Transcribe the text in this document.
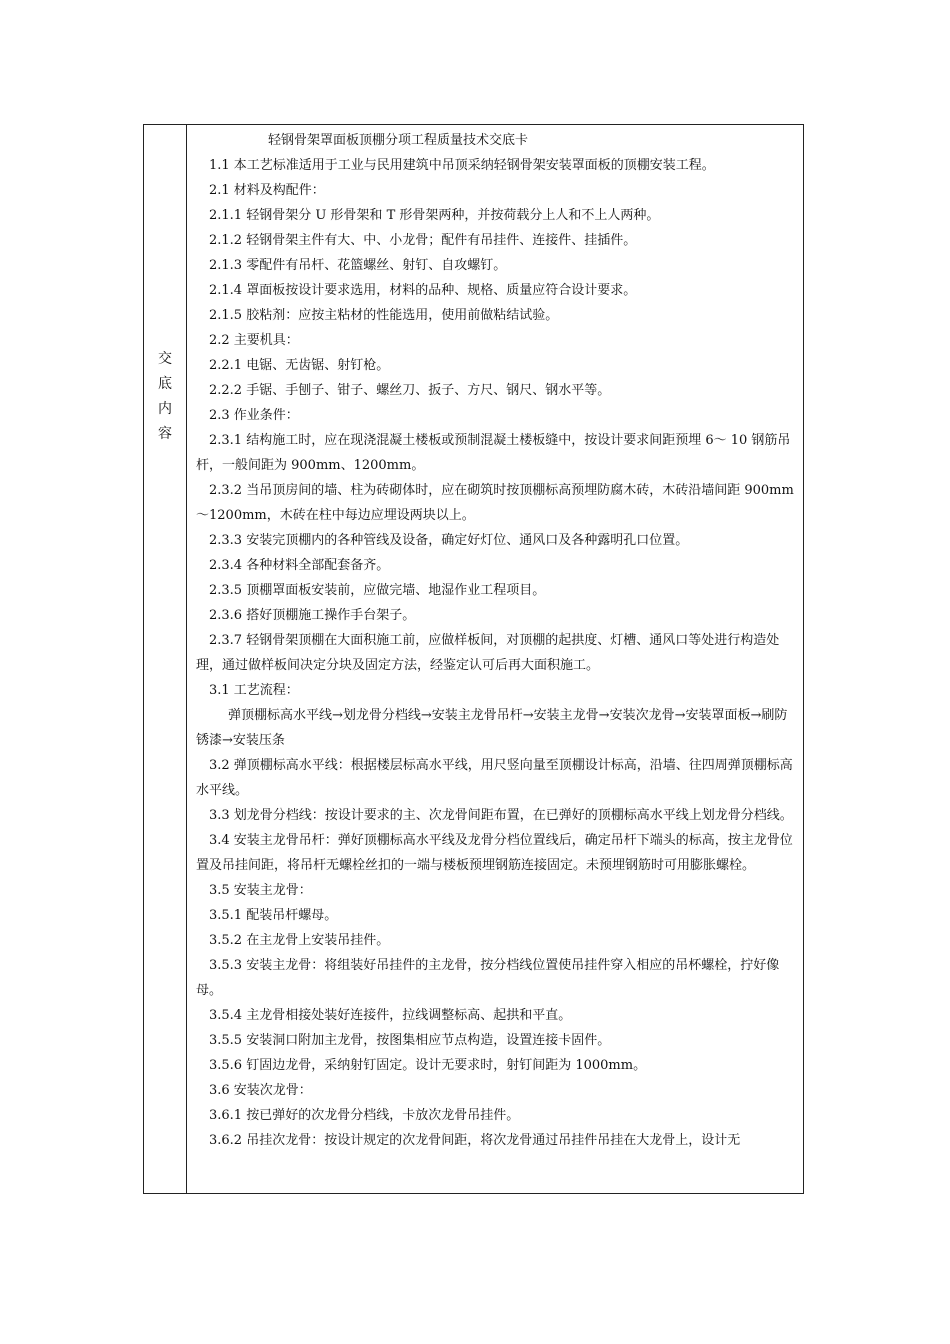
交
底
内
容
轻钢骨架罩面板顶棚分项工程质量技术交底卡

1.1 本工艺标准适用于工业与民用建筑中吊顶采纳轻钢骨架安装罩面板的顶棚安装工程。

2.1 材料及构配件：

2.1.1 轻钢骨架分 U 形骨架和 T 形骨架两种，并按荷载分上人和不上人两种。

2.1.2 轻钢骨架主件有大、中、小龙骨；配件有吊挂件、连接件、挂插件。

2.1.3 零配件有吊杆、花篮螺丝、射钉、自攻螺钉。

2.1.4 罩面板按设计要求选用，材料的品种、规格、质量应符合设计要求。

2.1.5 胶粘剂：应按主粘材的性能选用，使用前做粘结试验。

2.2 主要机具：

2.2.1 电锯、无齿锯、射钉枪。

2.2.2 手锯、手刨子、钳子、螺丝刀、扳子、方尺、钢尺、钢水平等。

2.3 作业条件：

2.3.1 结构施工时，应在现浇混凝土楼板或预制混凝土楼板缝中，按设计要求间距预埋 6～ 10 钢筋吊杆，一般间距为 900mm、1200mm。

2.3.2 当吊顶房间的墙、柱为砖砌体时，应在砌筑时按顶棚标高预埋防腐木砖，木砖沿墙间距 900mm～1200mm，木砖在柱中每边应埋设两块以上。

2.3.3 安装完顶棚内的各种管线及设备，确定好灯位、通风口及各种露明孔口位置。

2.3.4 各种材料全部配套备齐。

2.3.5 顶棚罩面板安装前，应做完墙、地湿作业工程项目。

2.3.6 搭好顶棚施工操作手台架子。

2.3.7 轻钢骨架顶棚在大面积施工前，应做样板间，对顶棚的起拱度、灯槽、通风口等处进行构造处理，通过做样板间决定分块及固定方法，经鉴定认可后再大面积施工。

3.1 工艺流程：

弹顶棚标高水平线→划龙骨分档线→安装主龙骨吊杆→安装主龙骨→安装次龙骨→安装罩面板→刷防锈漆→安装压条

3.2 弹顶棚标高水平线：根据楼层标高水平线，用尺竖向量至顶棚设计标高，沿墙、往四周弹顶棚标高水平线。

3.3 划龙骨分档线：按设计要求的主、次龙骨间距布置，在已弹好的顶棚标高水平线上划龙骨分档线。

3.4 安装主龙骨吊杆：弹好顶棚标高水平线及龙骨分档位置线后，确定吊杆下端头的标高，按主龙骨位置及吊挂间距，将吊杆无螺栓丝扣的一端与楼板预埋钢筋连接固定。未预埋钢筋时可用膨胀螺栓。

3.5 安装主龙骨：

3.5.1 配装吊杆螺母。

3.5.2 在主龙骨上安装吊挂件。

3.5.3 安装主龙骨：将组装好吊挂件的主龙骨，按分档线位置使吊挂件穿入相应的吊杯螺栓，拧好像母。

3.5.4 主龙骨相接处装好连接件，拉线调整标高、起拱和平直。

3.5.5 安装洞口附加主龙骨，按图集相应节点构造，设置连接卡固件。

3.5.6 钉固边龙骨，采纳射钉固定。设计无要求时，射钉间距为 1000mm。

3.6 安装次龙骨：

3.6.1 按已弹好的次龙骨分档线，卡放次龙骨吊挂件。

3.6.2 吊挂次龙骨：按设计规定的次龙骨间距，将次龙骨通过吊挂件吊挂在大龙骨上，设计无
